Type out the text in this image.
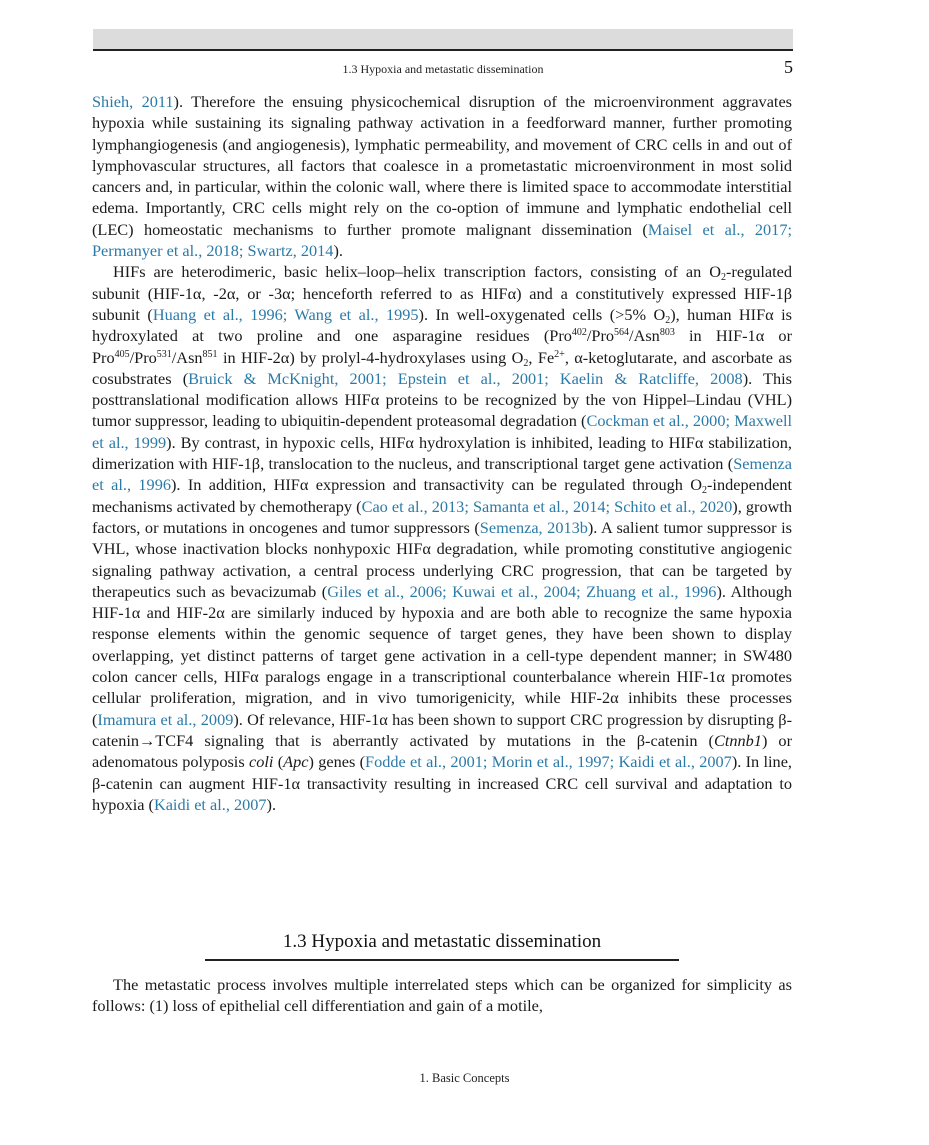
1.3 Hypoxia and metastatic dissemination	5

Shieh, 2011). Therefore the ensuing physicochemical disruption of the microenvironment aggravates hypoxia while sustaining its signaling pathway activation in a feedforward manner, further promoting lymphangiogenesis (and angiogenesis), lymphatic permeability, and movement of CRC cells in and out of lymphovascular structures, all factors that coalesce in a prometastatic microenvironment in most solid cancers and, in particular, within the colonic wall, where there is limited space to accommodate interstitial edema. Importantly, CRC cells might rely on the co-option of immune and lymphatic endothelial cell (LEC) homeostatic mechanisms to further promote malignant dissemination (Maisel et al., 2017; Permanyer et al., 2018; Swartz, 2014).

HIFs are heterodimeric, basic helix–loop–helix transcription factors, consisting of an $O_2$-regulated subunit (HIF-1α, -2α, or -3α; henceforth referred to as HIFα) and a constitutively expressed HIF-1β subunit (Huang et al., 1996; Wang et al., 1995). In well-oxygenated cells (>5% $O_2$), human HIFα is hydroxylated at two proline and one asparagine residues (Pro$^{402}$/Pro$^{564}$/Asn$^{803}$ in HIF-1α or Pro$^{405}$/Pro$^{531}$/Asn$^{851}$ in HIF-2α) by prolyl-4-hydroxylases using $O_2$, $Fe^{2+}$, α-ketoglutarate, and ascorbate as cosubstrates (Bruick & McKnight, 2001; Epstein et al., 2001; Kaelin & Ratcliffe, 2008). This posttranslational modification allows HIFα proteins to be recognized by the von Hippel–Lindau (VHL) tumor suppressor, leading to ubiquitin-dependent proteasomal degradation (Cockman et al., 2000; Maxwell et al., 1999). By contrast, in hypoxic cells, HIFα hydroxylation is inhibited, leading to HIFα stabilization, dimerization with HIF-1β, translocation to the nucleus, and transcriptional target gene activation (Semenza et al., 1996). In addition, HIFα expression and transactivity can be regulated through $O_2$-independent mechanisms activated by chemotherapy (Cao et al., 2013; Samanta et al., 2014; Schito et al., 2020), growth factors, or mutations in oncogenes and tumor suppressors (Semenza, 2013b). A salient tumor suppressor is VHL, whose inactivation blocks nonhypoxic HIFα degradation, while promoting constitutive angiogenic signaling pathway activation, a central process underlying CRC progression, that can be targeted by therapeutics such as bevacizumab (Giles et al., 2006; Kuwai et al., 2004; Zhuang et al., 1996). Although HIF-1α and HIF-2α are similarly induced by hypoxia and are both able to recognize the same hypoxia response elements within the genomic sequence of target genes, they have been shown to display overlapping, yet distinct patterns of target gene activation in a cell-type dependent manner; in SW480 colon cancer cells, HIFα paralogs engage in a transcriptional counterbalance wherein HIF-1α promotes cellular proliferation, migration, and in vivo tumorigenicity, while HIF-2α inhibits these processes (Imamura et al., 2009). Of relevance, HIF-1α has been shown to support CRC progression by disrupting β-catenin→TCF4 signaling that is aberrantly activated by mutations in the β-catenin (Ctnnb1) or adenomatous polyposis coli (Apc) genes (Fodde et al., 2001; Morin et al., 1997; Kaidi et al., 2007). In line, β-catenin can augment HIF-1α transactivity resulting in increased CRC cell survival and adaptation to hypoxia (Kaidi et al., 2007).

1.3 Hypoxia and metastatic dissemination

The metastatic process involves multiple interrelated steps which can be organized for simplicity as follows: (1) loss of epithelial cell differentiation and gain of a motile,

1. Basic Concepts
